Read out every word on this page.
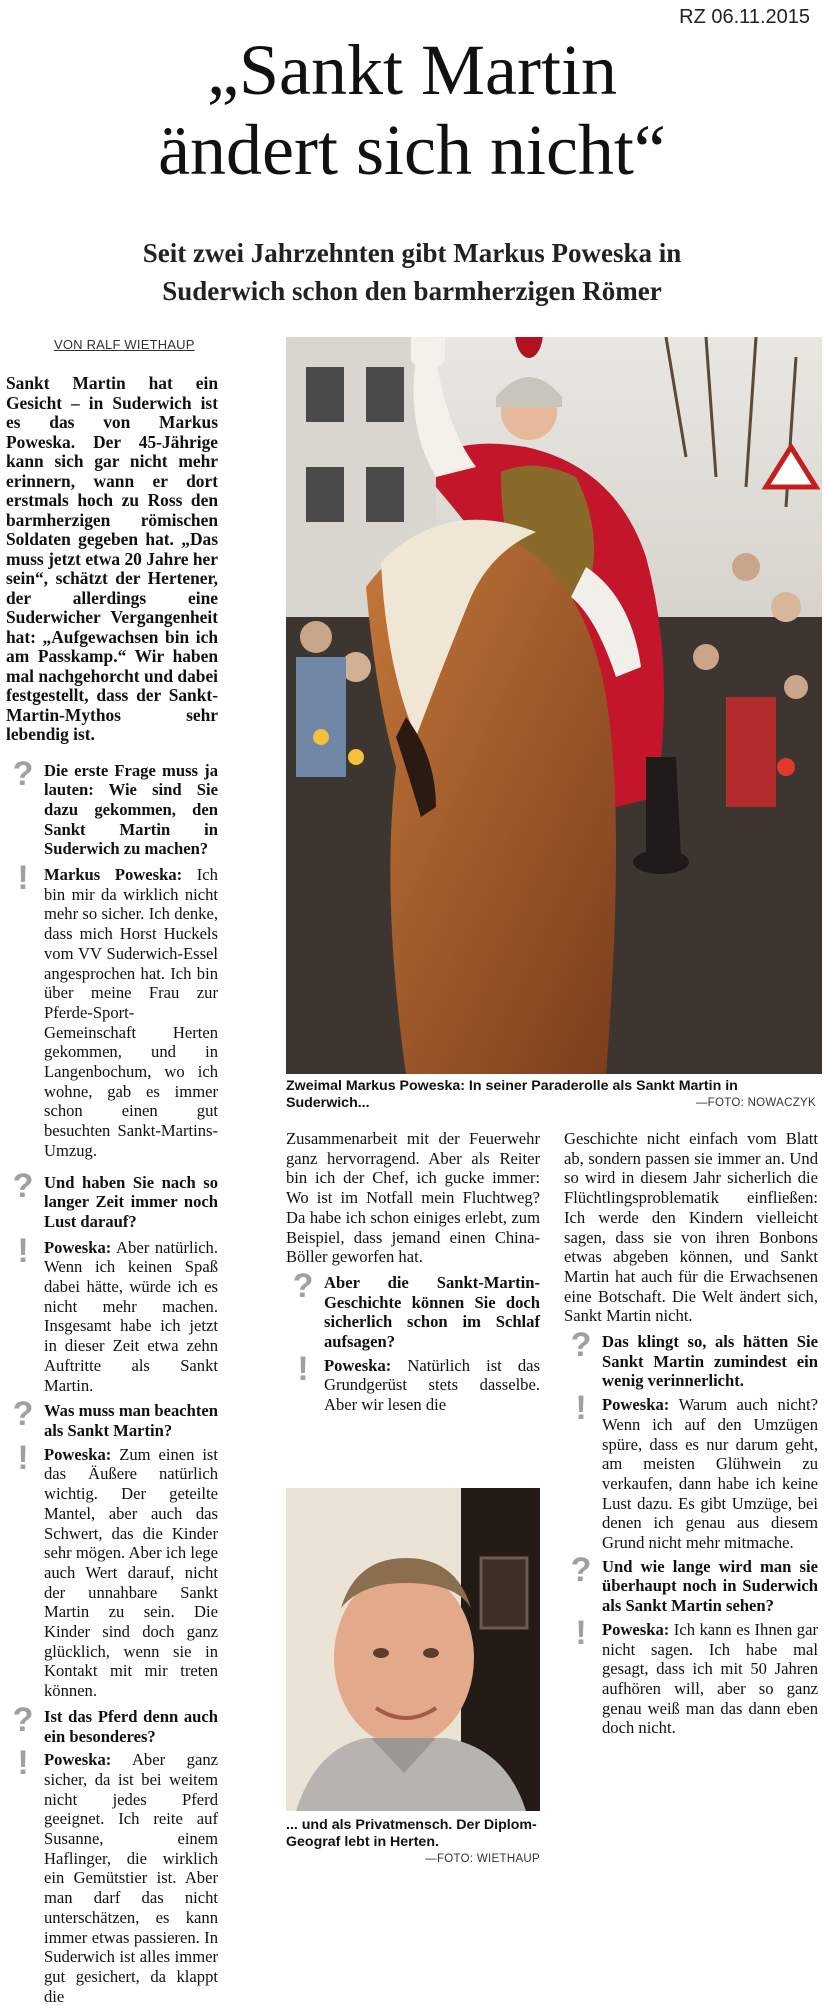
RZ 06.11.2015
„Sankt Martin
ändert sich nicht“
Seit zwei Jahrzehnten gibt Markus Poweska in
Suderwich schon den barmherzigen Römer
VON RALF WIETHAUP

Sankt Martin hat ein Gesicht – in Suderwich ist es das von Markus Poweska. Der 45-Jährige kann sich gar nicht mehr erinnern, wann er dort erstmals hoch zu Ross den barmherzigen römischen Soldaten gegeben hat. „Das muss jetzt etwa 20 Jahre her sein“, schätzt der Hertener, der allerdings eine Suderwicher Vergangenheit hat: „Aufgewachsen bin ich am Passkamp.“ Wir haben mal nachgehorcht und dabei festgestellt, dass der Sankt-Martin-Mythos sehr lebendig ist.

? Die erste Frage muss ja lauten: Wie sind Sie dazu gekommen, den Sankt Martin in Suderwich zu machen?

! Markus Poweska: Ich bin mir da wirklich nicht mehr so sicher. Ich denke, dass mich Horst Huckels vom VV Suderwich-Essel angesprochen hat. Ich bin über meine Frau zur Pferde-Sport-Gemeinschaft Herten gekommen, und in Langenbochum, wo ich wohne, gab es immer schon einen gut besuchten Sankt-Martins-Umzug.

? Und haben Sie nach so langer Zeit immer noch Lust darauf?

! Poweska: Aber natürlich. Wenn ich keinen Spaß dabei hätte, würde ich es nicht mehr machen. Insgesamt habe ich jetzt in dieser Zeit etwa zehn Auftritte als Sankt Martin.

? Was muss man beachten als Sankt Martin?

! Poweska: Zum einen ist das Äußere natürlich wichtig. Der geteilte Mantel, aber auch das Schwert, das die Kinder sehr mögen. Aber ich lege auch Wert darauf, nicht der unnahbare Sankt Martin zu sein. Die Kinder sind doch ganz glücklich, wenn sie in Kontakt mit mir treten können.

? Ist das Pferd denn auch ein besonderes?

! Poweska: Aber ganz sicher, da ist bei weitem nicht jedes Pferd geeignet. Ich reite auf Susanne, einem Haflinger, die wirklich ein Gemütstier ist. Aber man darf das nicht unterschätzen, es kann immer etwas passieren. In Suderwich ist alles immer gut gesichert, da klappt die

Zweimal Markus Poweska: In seiner Paraderolle als Sankt Martin in Suderwich...	—FOTO: NOWACZYK

Zusammenarbeit mit der Feuerwehr ganz hervorragend. Aber als Reiter bin ich der Chef, ich gucke immer: Wo ist im Notfall mein Fluchtweg? Da habe ich schon einiges erlebt, zum Beispiel, dass jemand einen China-Böller geworfen hat.

? Aber die Sankt-Martin-Geschichte können Sie doch sicherlich schon im Schlaf aufsagen?

! Poweska: Natürlich ist das Grundgerüst stets dasselbe. Aber wir lesen die

... und als Privatmensch. Der Diplom-Geograf lebt in Herten.
—FOTO: WIETHAUP

Geschichte nicht einfach vom Blatt ab, sondern passen sie immer an. Und so wird in diesem Jahr sicherlich die Flüchtlingsproblematik einfließen: Ich werde den Kindern vielleicht sagen, dass sie von ihren Bonbons etwas abgeben können, und Sankt Martin hat auch für die Erwachsenen eine Botschaft. Die Welt ändert sich, Sankt Martin nicht.

? Das klingt so, als hätten Sie Sankt Martin zumindest ein wenig verinnerlicht.

! Poweska: Warum auch nicht? Wenn ich auf den Umzügen spüre, dass es nur darum geht, am meisten Glühwein zu verkaufen, dann habe ich keine Lust dazu. Es gibt Umzüge, bei denen ich genau aus diesem Grund nicht mehr mitmache.

? Und wie lange wird man sie überhaupt noch in Suderwich als Sankt Martin sehen?

! Poweska: Ich kann es Ihnen gar nicht sagen. Ich habe mal gesagt, dass ich mit 50 Jahren aufhören will, aber so ganz genau weiß man das dann eben doch nicht.
